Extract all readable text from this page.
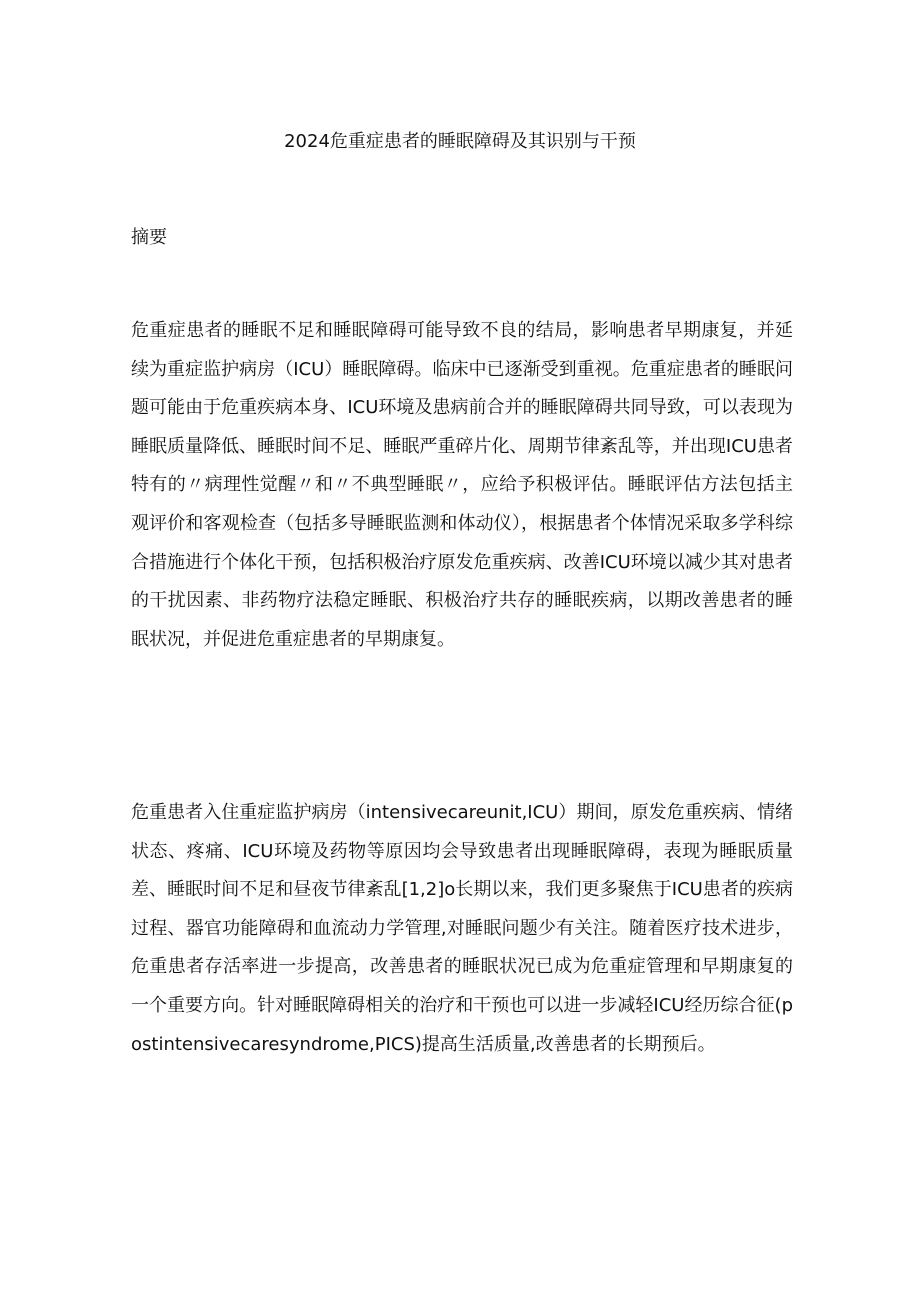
2024危重症患者的睡眠障碍及其识别与干预
摘要

危重症患者的睡眠不足和睡眠障碍可能导致不良的结局，影响患者早期康复，并延续为重症监护病房（ICU）睡眠障碍。临床中已逐渐受到重视。危重症患者的睡眠问题可能由于危重疾病本身、ICU环境及患病前合并的睡眠障碍共同导致，可以表现为睡眠质量降低、睡眠时间不足、睡眠严重碎片化、周期节律紊乱等，并出现ICU患者特有的〃病理性觉醒〃和〃不典型睡眠〃，应给予积极评估。睡眠评估方法包括主观评价和客观检查（包括多导睡眠监测和体动仪），根据患者个体情况采取多学科综合措施进行个体化干预，包括积极治疗原发危重疾病、改善ICU环境以减少其对患者的干扰因素、非药物疗法稳定睡眠、积极治疗共存的睡眠疾病，以期改善患者的睡眠状况，并促进危重症患者的早期康复。

危重患者入住重症监护病房（intensivecareunit,ICU）期间，原发危重疾病、情绪状态、疼痛、ICU环境及药物等原因均会导致患者出现睡眠障碍，表现为睡眠质量差、睡眠时间不足和昼夜节律紊乱[1,2]o长期以来，我们更多聚焦于ICU患者的疾病过程、器官功能障碍和血流动力学管理,对睡眠问题少有关注。随着医疗技术进步，危重患者存活率进一步提高，改善患者的睡眠状况已成为危重症管理和早期康复的一个重要方向。针对睡眠障碍相关的治疗和干预也可以进一步减轻ICU经历综合征(postintensivecaresyndrome,PICS)提高生活质量,改善患者的长期预后。
